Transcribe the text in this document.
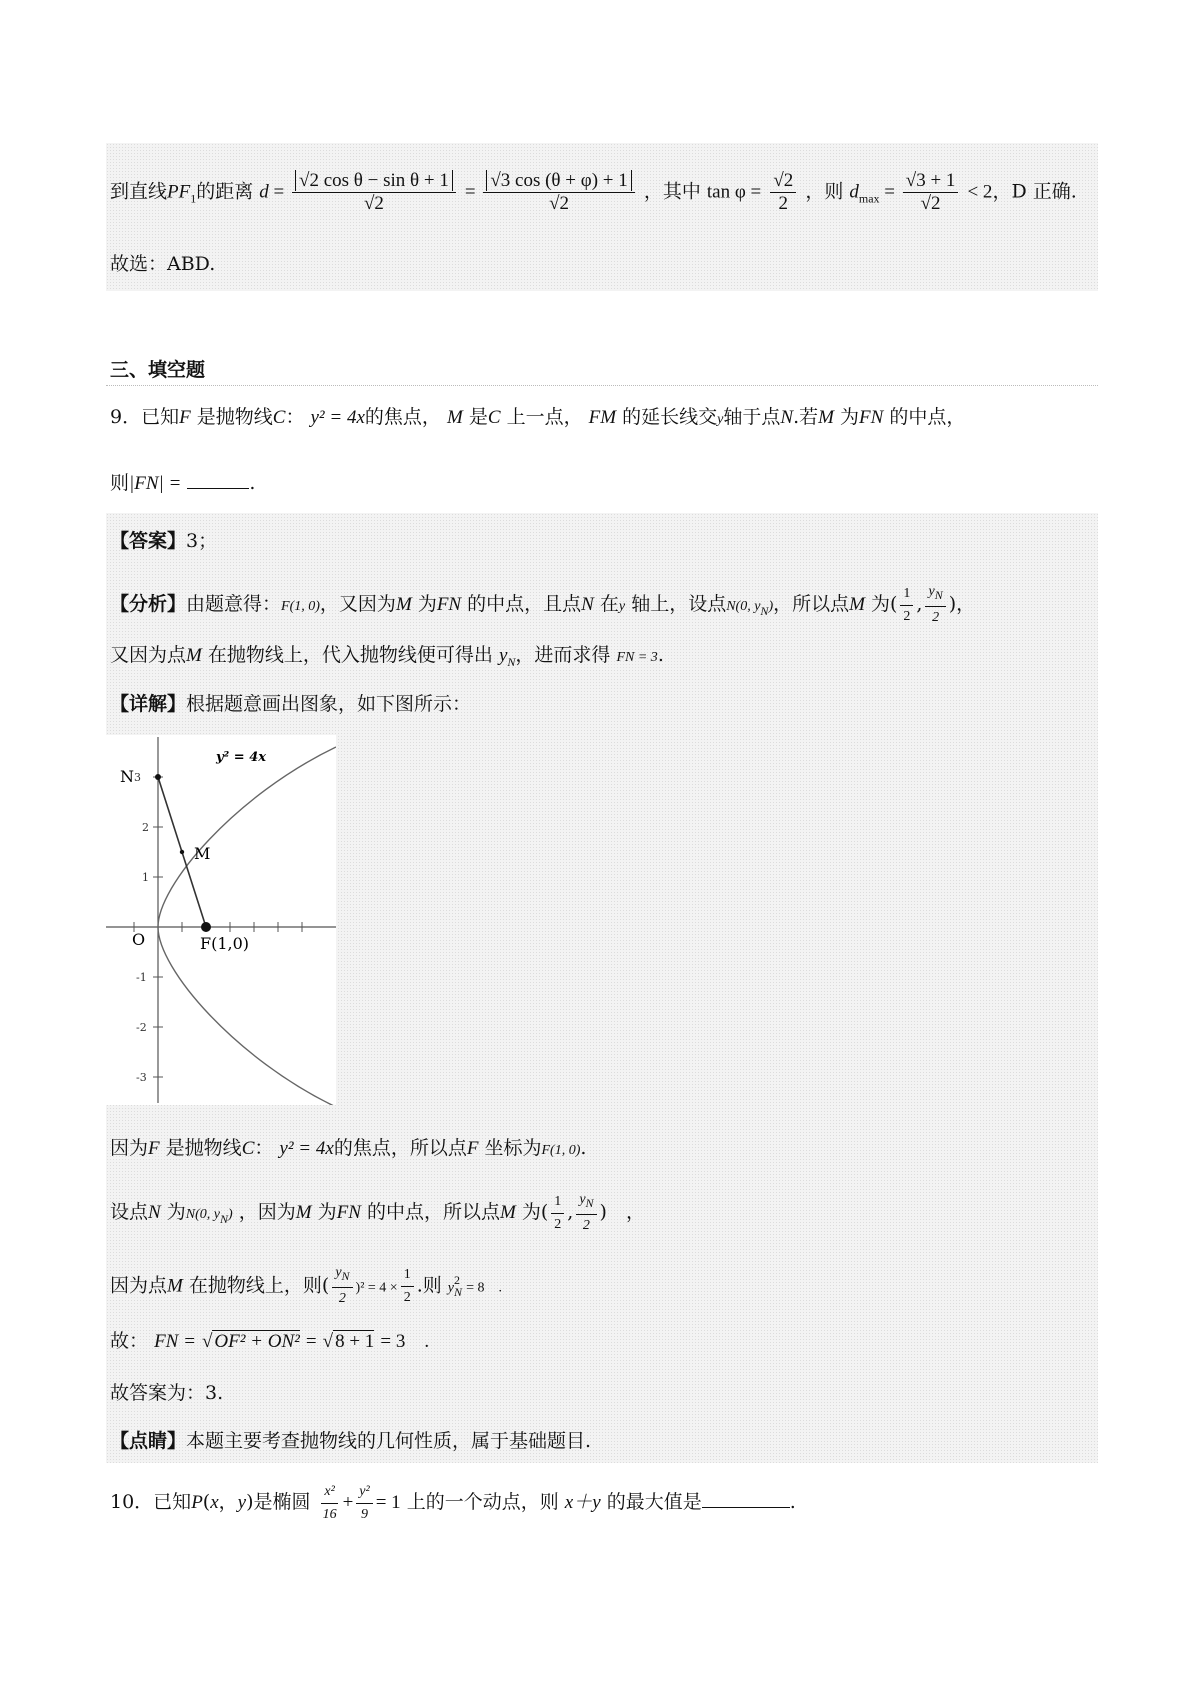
到直线$PF_1$的距离 $d = \frac{\text{√2 cos θ − sin θ + 1}}{√2} = \frac{√3 \cos (\theta + \varphi) + 1}{√2}$ ，其中 $\tan \varphi = \frac{√2}{2}$ ，则 $d_{max} = \frac{√3 + 1}{√2} < 2$，D 正确.
故选：ABD.
三、填空题
9．已知F 是抛物线C： y² = 4x的焦点， M 是C 上一点， FM 的延长线交y轴于点N.若M 为FN 的中点，
则|FN| =	.
【答案】3；
【分析】由题意得：F(1, 0)，又因为M 为FN 的中点，且点N 在y 轴上，设点N(0, $y_N$)，所以点M 为( $\frac{1}{2}$ , $\frac{y_N}{2}$ )，
又因为点M 在抛物线上，代入抛物线便可得出 $y_N$，进而求得 FN = 3.
【详解】根据题意画出图象，如下图所示：
3
2
1
-1
-2
-3
y² = 4x
N
M
O	F(1,0)
因为F 是抛物线C： y² = 4x的焦点，所以点F 坐标为F(1, 0).
设点N 为N(0, $y_N$) ，因为M 为FN 的中点，所以点M 为( $\frac{1}{2}$ , $\frac{y_N}{2}$ )　，
因为点M 在抛物线上，则( $\frac{y_N}{2} )^2 = 4 \times \frac{1}{2}$ .则 $y_N^2 = 8$　.
故： FN = √ OF² + ON² = √ 8 + 1 = 3　.
故答案为：3.
【点睛】本题主要考查抛物线的几何性质，属于基础题目.
10．已知P(x，y)是椭圆 $\frac{\text{x²}}{16} + \frac{\text{y²}}{9} = 1$ 上的一个动点，则 x＋y 的最大值是	.
